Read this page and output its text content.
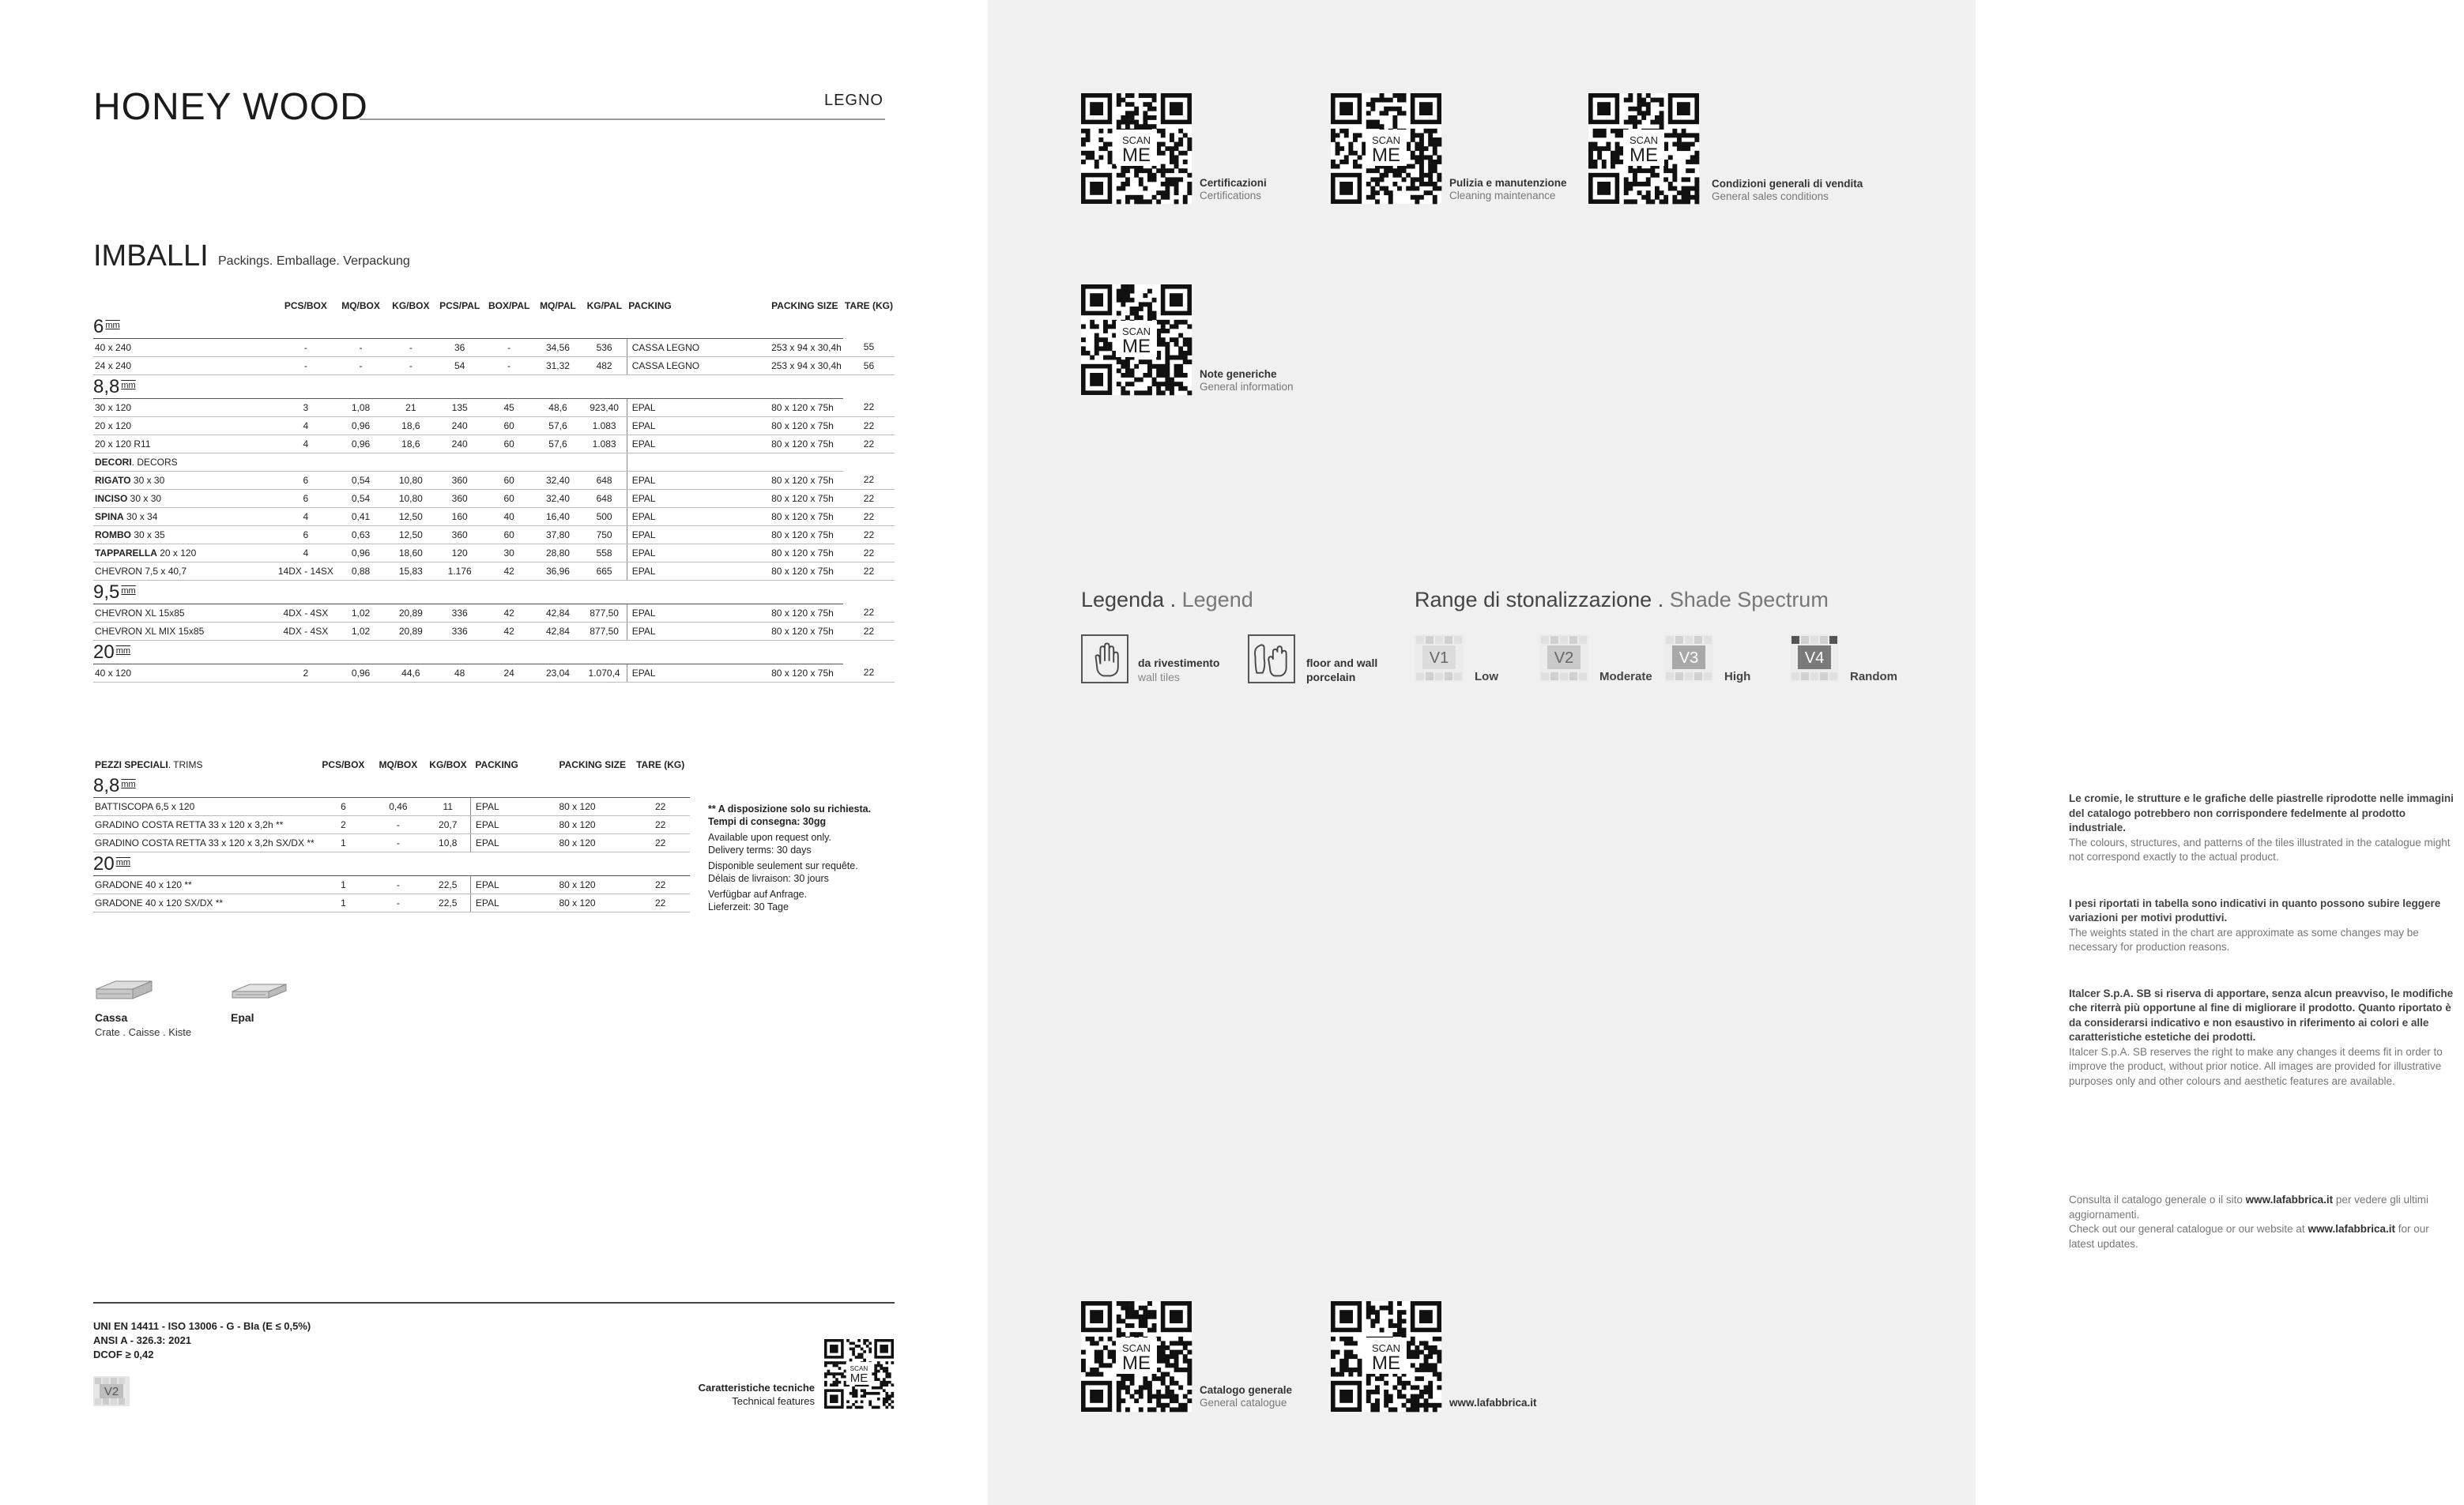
HONEY WOOD	LEGNO
IMBALLI Packings. Emballage. Verpackung
	PCS/BOX	MQ/BOX	KG/BOX	PCS/PAL	BOX/PAL	MQ/PAL	KG/PAL	PACKING	PACKING SIZE	TARE (KG)
6 $^{mm}$
40 x 240	-	-	-	36	-	34,56	536	CASSA LEGNO	253 x 94 x 30,4h	55
24 x 240	-	-	-	54	-	31,32	482	CASSA LEGNO	253 x 94 x 30,4h	56
8,8 $^{mm}$
30 x 120	3	1,08	21	135	45	48,6	923,40	EPAL	80 x 120 x 75h	22
20 x 120	4	0,96	18,6	240	60	57,6	1.083	EPAL	80 x 120 x 75h	22
20 x 120 R11	4	0,96	18,6	240	60	57,6	1.083	EPAL	80 x 120 x 75h	22
DECORI. DECORS										
RIGATO 30 x 30	6	0,54	10,80	360	60	32,40	648	EPAL	80 x 120 x 75h	22
INCISO 30 x 30	6	0,54	10,80	360	60	32,40	648	EPAL	80 x 120 x 75h	22
SPINA 30 x 34	4	0,41	12,50	160	40	16,40	500	EPAL	80 x 120 x 75h	22
ROMBO 30 x 35	6	0,63	12,50	360	60	37,80	750	EPAL	80 x 120 x 75h	22
TAPPARELLA 20 x 120	4	0,96	18,60	120	30	28,80	558	EPAL	80 x 120 x 75h	22
CHEVRON 7,5 x 40,7	14DX - 14SX	0,88	15,83	1.176	42	36,96	665	EPAL	80 x 120 x 75h	22
9,5 $^{mm}$
CHEVRON XL 15x85	4DX - 4SX	1,02	20,89	336	42	42,84	877,50	EPAL	80 x 120 x 75h	22
CHEVRON XL MIX 15x85	4DX - 4SX	1,02	20,89	336	42	42,84	877,50	EPAL	80 x 120 x 75h	22
20 $^{mm}$
40 x 120	2	0,96	44,6	48	24	23,04	1.070,4	EPAL	80 x 120 x 75h	22
PEZZI SPECIALI. TRIMS	PCS/BOX	MQ/BOX	KG/BOX	PACKING	PACKING SIZE	TARE (KG)
8,8 $^{mm}$
BATTISCOPA 6,5 x 120	6	0,46	11	EPAL	80 x 120	22
GRADINO COSTA RETTA 33 x 120 x 3,2h **	2	-	20,7	EPAL	80 x 120	22
GRADINO COSTA RETTA 33 x 120 x 3,2h SX/DX **	1	-	10,8	EPAL	80 x 120	22
20 $^{mm}$
GRADONE 40 x 120 **	1	-	22,5	EPAL	80 x 120	22
GRADONE 40 x 120 SX/DX **	1	-	22,5	EPAL	80 x 120	22

** A disposizione solo su richiesta.
Tempi di consegna: 30gg

Available upon request only.
Delivery terms: 30 days

Disponible seulement sur requête.
Délais de livraison: 30 jours

Verfügbar auf Anfrage.
Lieferzeit: 30 Tage

Cassa
Crate . Caisse . Kiste
Epal
UNI EN 14411 - ISO 13006 - G - BIa (E ≤ 0,5%)
ANSI A - 326.3: 2021
DCOF ≥ 0,42
V2	Caratteristiche tecniche
Technical features
SCAN
ME
SCAN
ME
Certificazioni
Certifications
SCAN
ME
Pulizia e manutenzione
Cleaning maintenance
SCAN
ME
Condizioni generali di vendita
General sales conditions
SCAN
ME
Note generiche
General information
Legenda . Legend
da rivestimento
wall tiles
floor and wall
porcelain
Range di stonalizzazione . Shade Spectrum
V1
Low
V2
Moderate
V3
High
V4
Random
Le cromie, le strutture e le grafiche delle piastrelle riprodotte nelle immagini del catalogo potrebbero non corrispondere fedelmente al prodotto industriale.
The colours, structures, and patterns of the tiles illustrated in the catalogue might not correspond exactly to the actual product.
I pesi riportati in tabella sono indicativi in quanto possono subire leggere variazioni per motivi produttivi.
The weights stated in the chart are approximate as some changes may be necessary for production reasons.
Italcer S.p.A. SB si riserva di apportare, senza alcun preavviso, le modifiche che riterrà più opportune al fine di migliorare il prodotto. Quanto riportato è da considerarsi indicativo e non esaustivo in riferimento ai colori e alle caratteristiche estetiche dei prodotti.
Italcer S.p.A. SB reserves the right to make any changes it deems fit in order to improve the product, without prior notice. All images are provided for illustrative purposes only and other colours and aesthetic features are available.
Consulta il catalogo generale o il sito www.lafabbrica.it per vedere gli ultimi aggiornamenti.
Check out our general catalogue or our website at www.lafabbrica.it for our latest updates.
SCAN
ME
Catalogo generale
General catalogue
SCAN
ME
www.lafabbrica.it
